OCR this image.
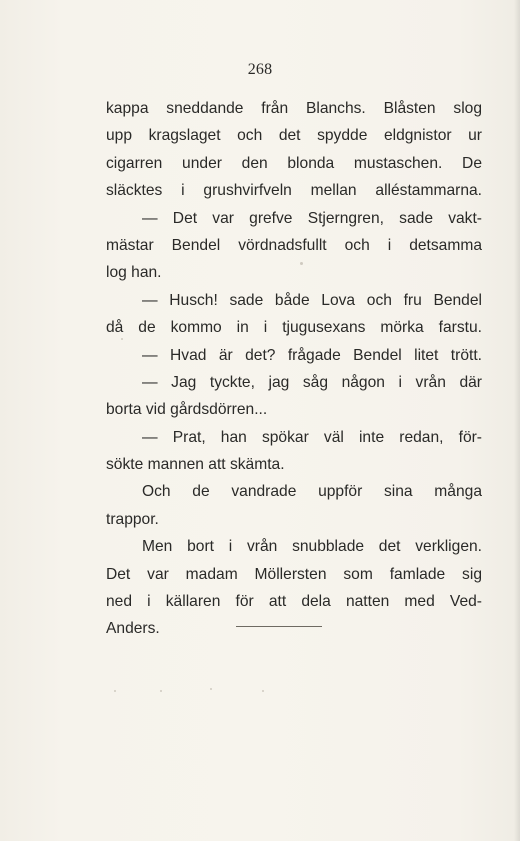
268
kappa sneddande från Blanchs. Blåsten slog
upp kragslaget och det spydde eldgnistor ur
cigarren under den blonda mustaschen. De
släcktes i grushvirfveln mellan alléstammarna.
— Det var grefve Stjerngren, sade vakt-
mästar Bendel vördnadsfullt och i detsamma
log han.
— Husch! sade både Lova och fru Bendel
då de kommo in i tjugusexans mörka farstu.
— Hvad är det? frågade Bendel litet trött.
— Jag tyckte, jag såg någon i vrån där
borta vid gårdsdörren...
— Prat, han spökar väl inte redan, för-
sökte mannen att skämta.
Och de vandrade uppför sina många
trappor.
Men bort i vrån snubblade det verkligen.
Det var madam Möllersten som famlade sig
ned i källaren för att dela natten med Ved-
Anders.
